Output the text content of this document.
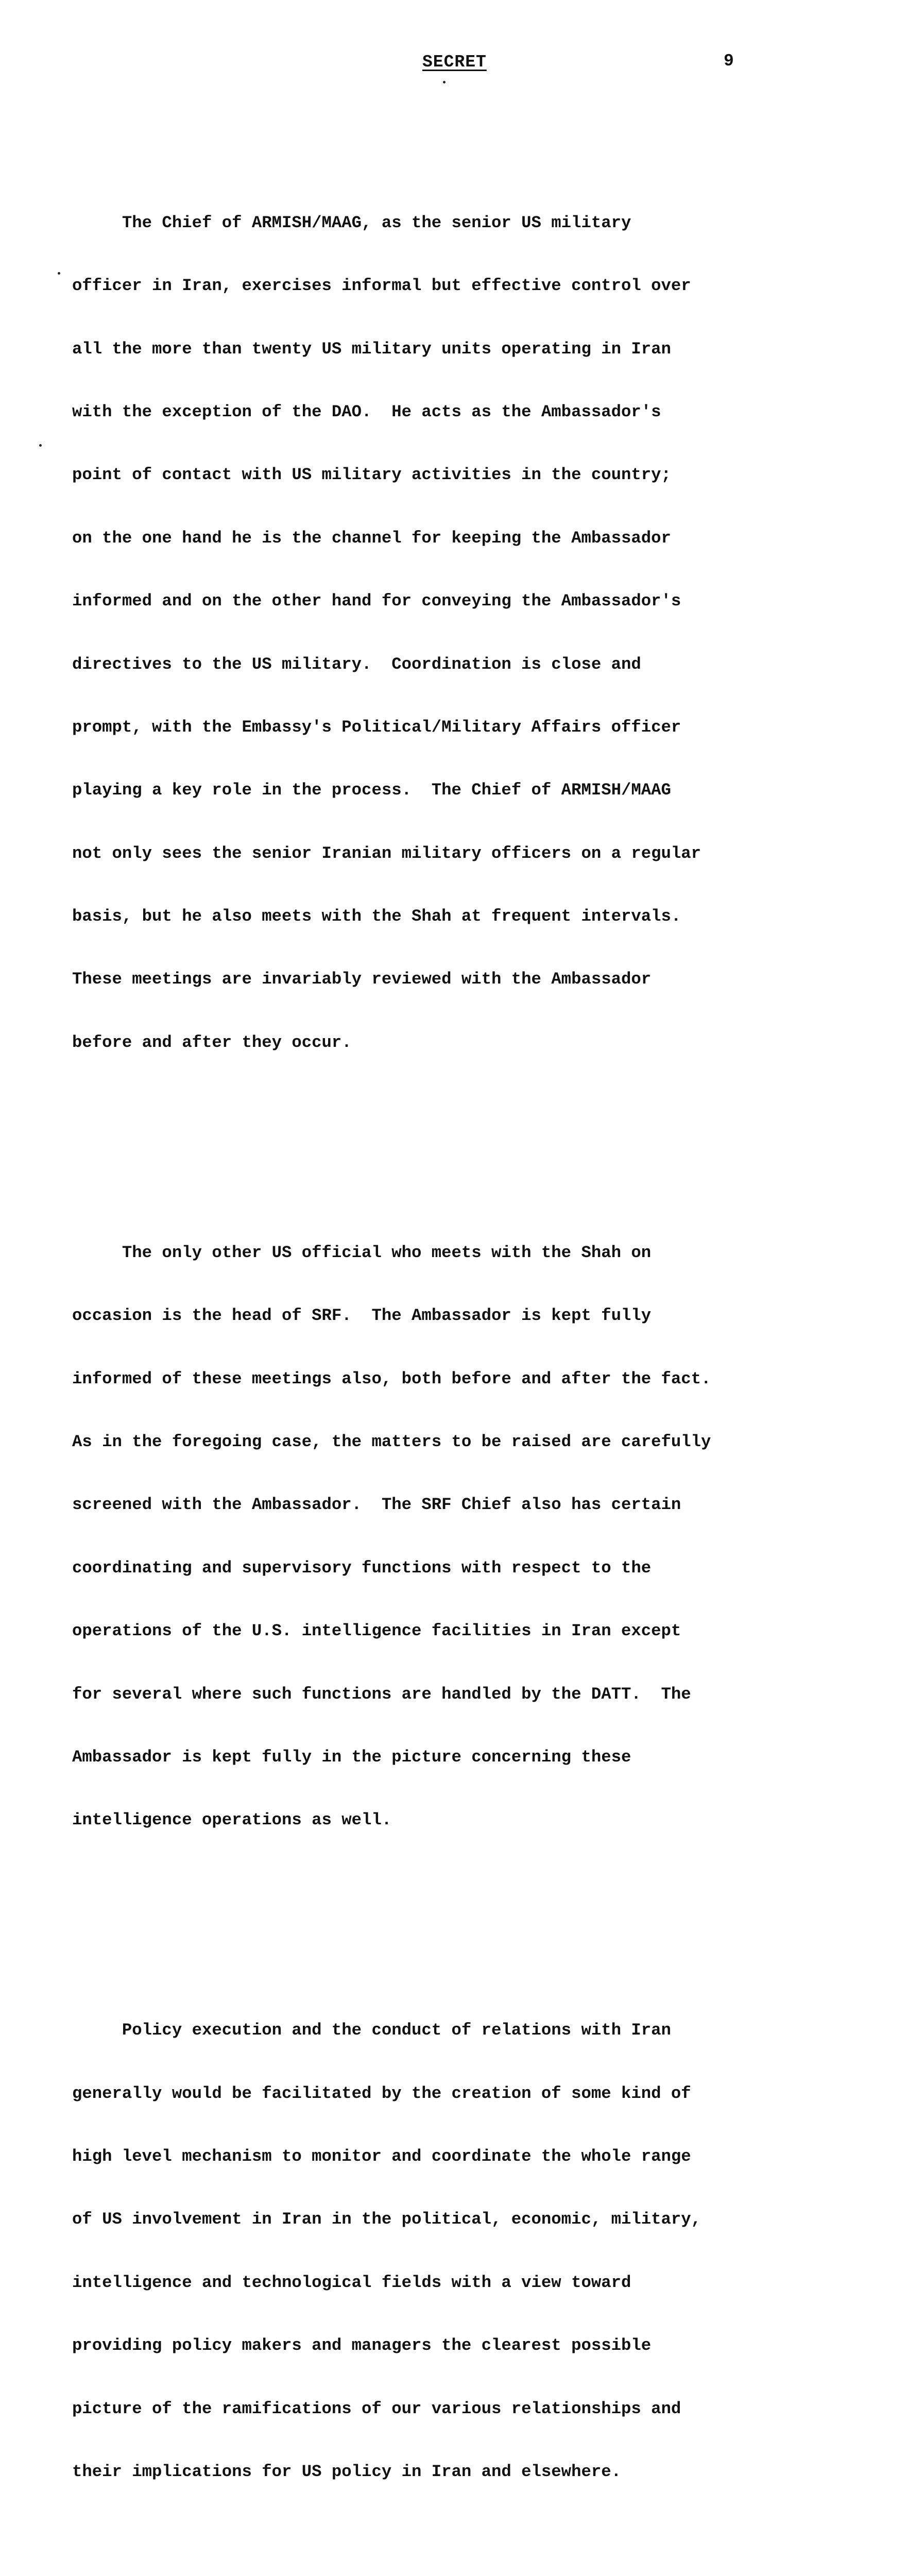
SECRET	9

The Chief of ARMISH/MAAG, as the senior US military

officer in Iran, exercises informal but effective control over

all the more than twenty US military units operating in Iran

with the exception of the DAO.  He acts as the Ambassador's

point of contact with US military activities in the country;

on the one hand he is the channel for keeping the Ambassador

informed and on the other hand for conveying the Ambassador's

directives to the US military.  Coordination is close and

prompt, with the Embassy's Political/Military Affairs officer

playing a key role in the process.  The Chief of ARMISH/MAAG

not only sees the senior Iranian military officers on a regular

basis, but he also meets with the Shah at frequent intervals.

These meetings are invariably reviewed with the Ambassador

before and after they occur.

The only other US official who meets with the Shah on

occasion is the head of SRF.  The Ambassador is kept fully

informed of these meetings also, both before and after the fact.

As in the foregoing case, the matters to be raised are carefully

screened with the Ambassador.  The SRF Chief also has certain

coordinating and supervisory functions with respect to the

operations of the U.S. intelligence facilities in Iran except

for several where such functions are handled by the DATT.  The

Ambassador is kept fully in the picture concerning these

intelligence operations as well.

Policy execution and the conduct of relations with Iran

generally would be facilitated by the creation of some kind of

high level mechanism to monitor and coordinate the whole range

of US involvement in Iran in the political, economic, military,

intelligence and technological fields with a view toward

providing policy makers and managers the clearest possible

picture of the ramifications of our various relationships and

their implications for US policy in Iran and elsewhere.
